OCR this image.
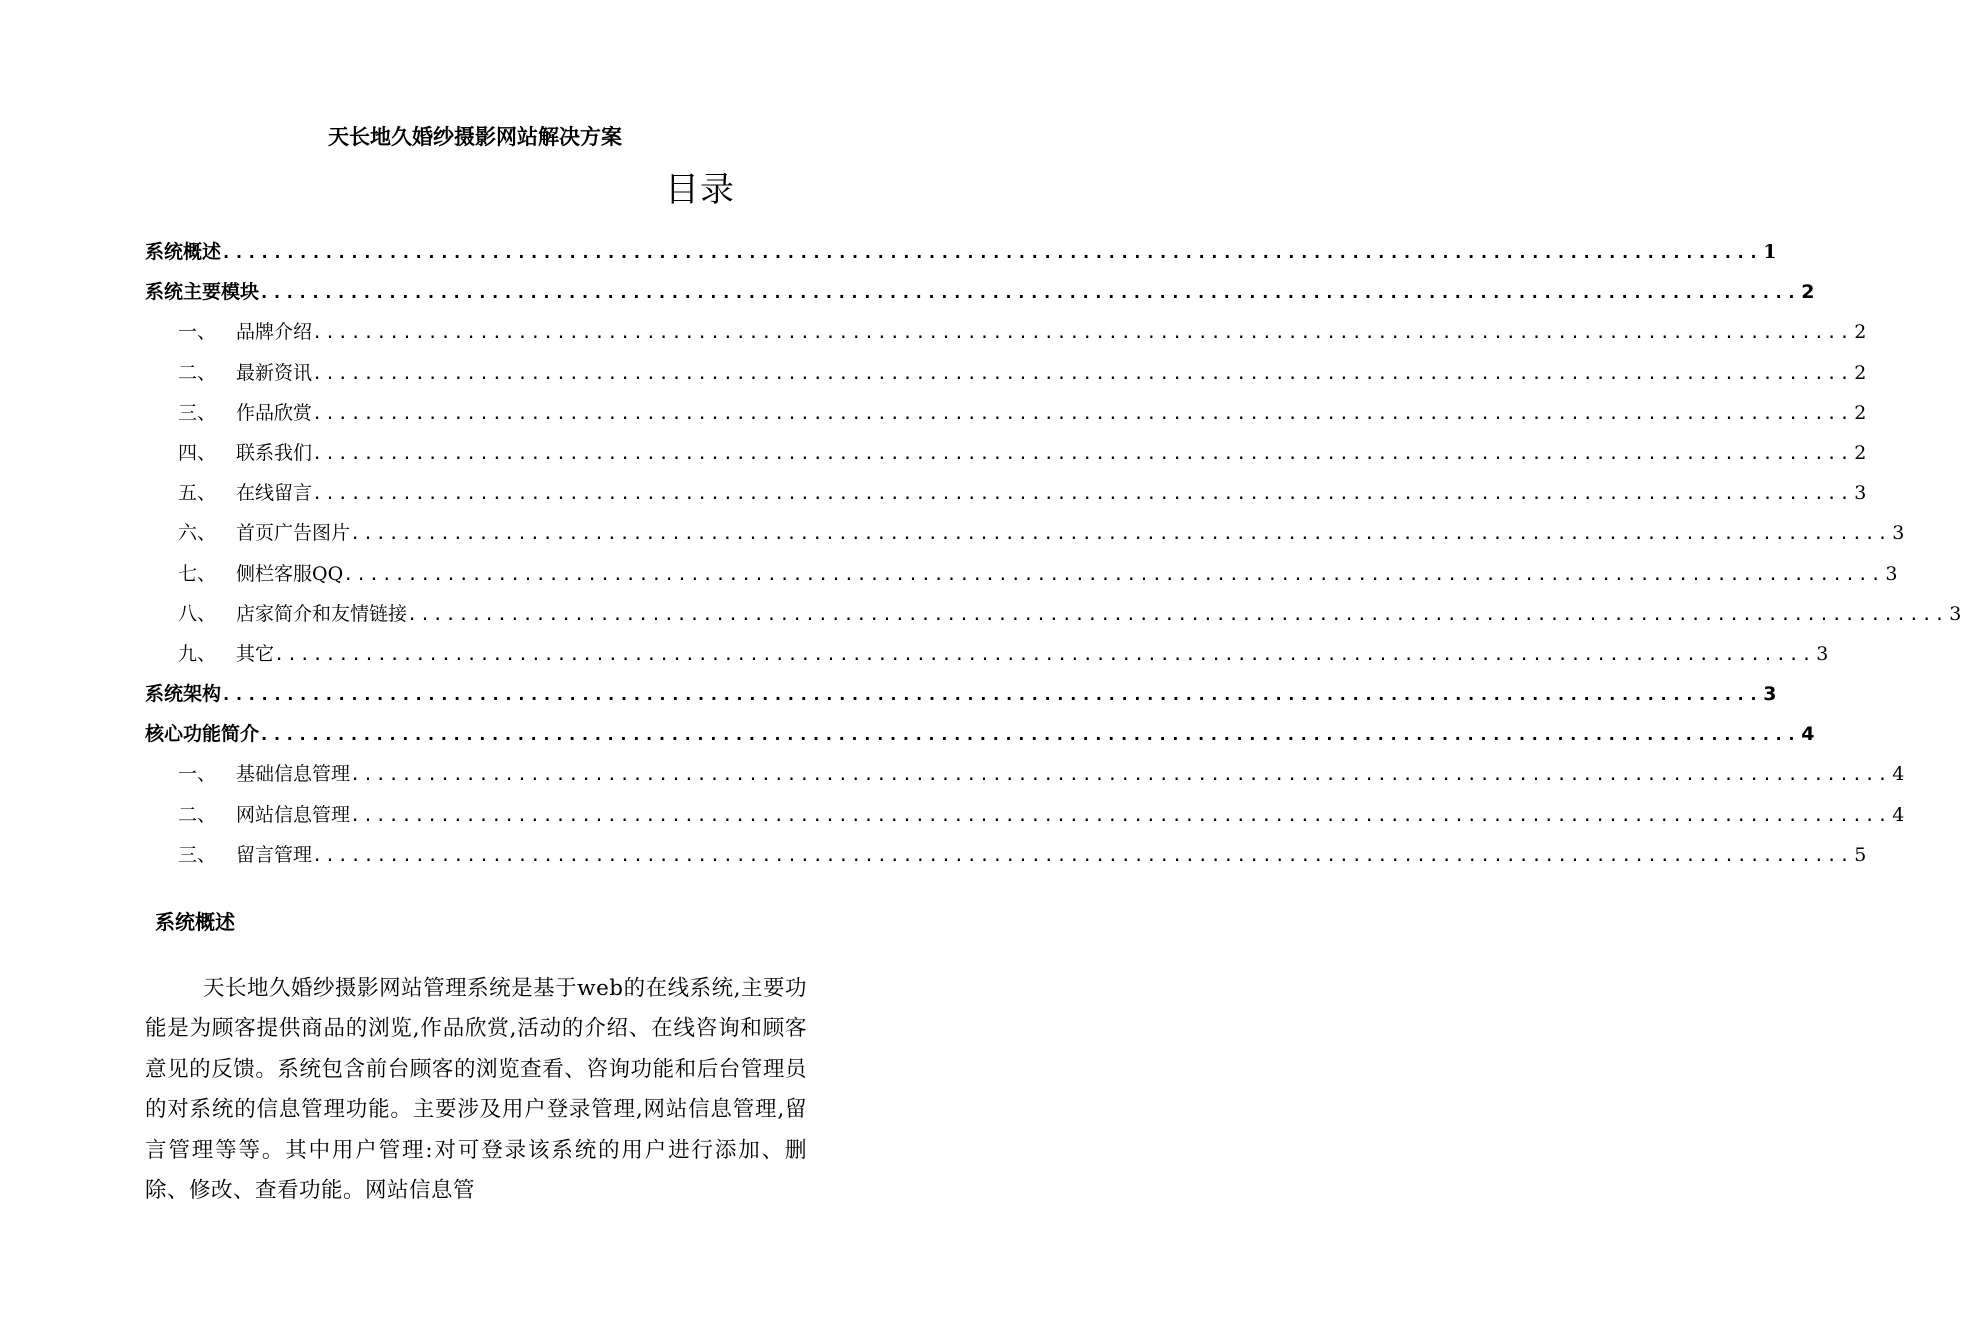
天长地久婚纱摄影网站解决方案
目录
系统概述 ........................................................................................................................ 1
系统主要模块 ........................................................................................................................ 2
一、	品牌介绍 ........................................................................................................................ 2
二、	最新资讯 ........................................................................................................................ 2
三、	作品欣赏 ........................................................................................................................ 2
四、	联系我们 ........................................................................................................................ 2
五、	在线留言 ........................................................................................................................ 3
六、	首页广告图片 ........................................................................................................................ 3
七、	侧栏客服QQ ........................................................................................................................ 3
八、	店家简介和友情链接 ........................................................................................................................ 3
九、	其它 ........................................................................................................................ 3
系统架构 ........................................................................................................................ 3
核心功能简介 ........................................................................................................................ 4
一、	基础信息管理 ........................................................................................................................ 4
二、	网站信息管理 ........................................................................................................................ 4
三、	留言管理 ........................................................................................................................ 5
系统概述
天长地久婚纱摄影网站管理系统是基于web的在线系统,主要功能是为顾客提供商品的浏览,作品欣赏,活动的介绍、在线咨询和顾客意见的反馈。系统包含前台顾客的浏览查看、咨询功能和后台管理员的对系统的信息管理功能。主要涉及用户登录管理,网站信息管理,留言管理等等。其中用户管理:对可登录该系统的用户进行添加、删除、修改、查看功能。网站信息管
